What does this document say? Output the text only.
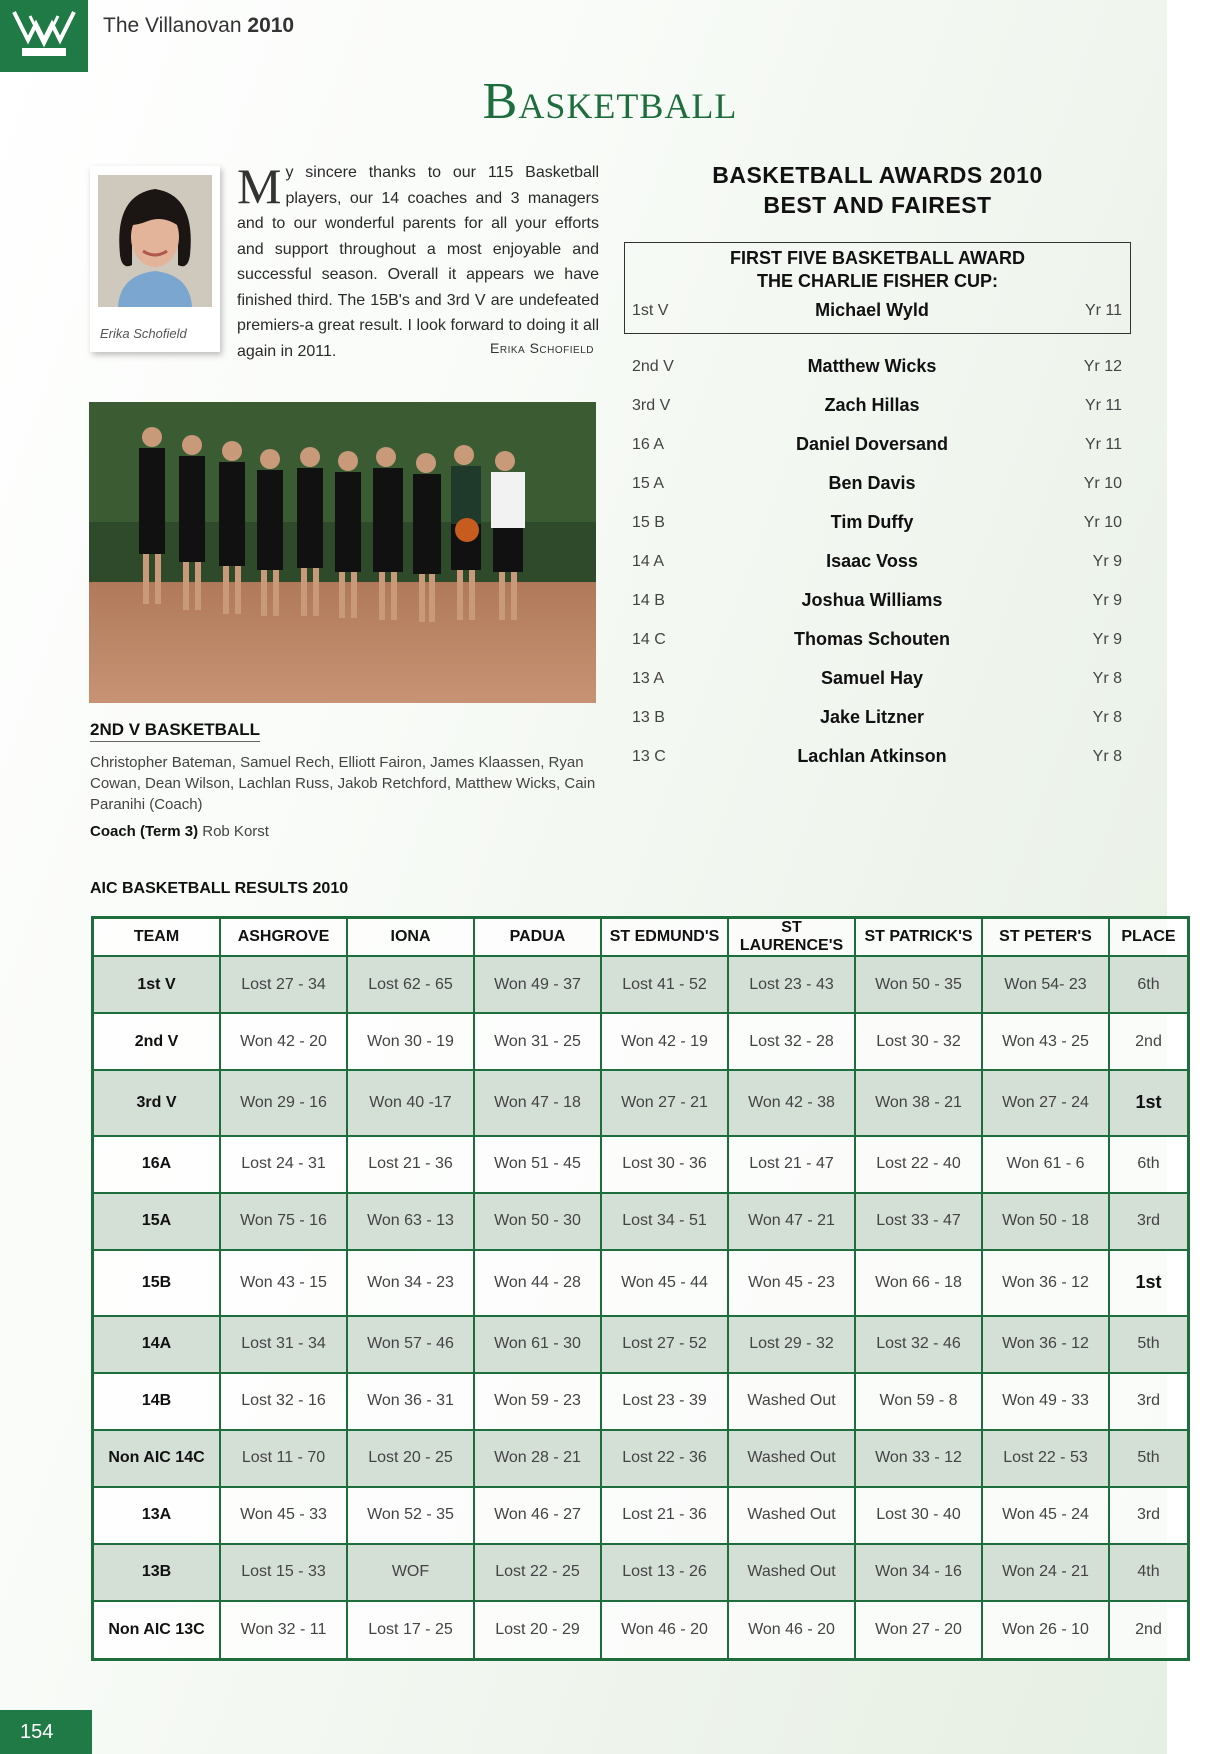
The Villanovan 2010
Basketball
Erika Schofield
M y sincere thanks to our 115 Basketball players, our 14 coaches and 3 managers and to our wonderful parents for all your efforts and support throughout a most enjoyable and successful season. Overall it appears we have finished third. The 15B's and 3rd V are undefeated premiers-a great result. I look forward to doing it all again in 2011.	Erika Schofield
2ND V BASKETBALL
Christopher Bateman, Samuel Rech, Elliott Fairon, James Klaassen, Ryan Cowan, Dean Wilson, Lachlan Russ, Jakob Retchford, Matthew Wicks, Cain Paranihi (Coach)
Coach (Term 3) Rob Korst
BASKETBALL AWARDS 2010
BEST AND FAIREST
FIRST FIVE BASKETBALL AWARD
THE CHARLIE FISHER CUP:
1st V	Michael Wyld	Yr 11
2nd V	Matthew Wicks	Yr 12
3rd V	Zach Hillas	Yr 11
16 A	Daniel Doversand	Yr 11
15 A	Ben Davis	Yr 10
15 B	Tim Duffy	Yr 10
14 A	Isaac Voss	Yr 9
14 B	Joshua Williams	Yr 9
14 C	Thomas Schouten	Yr 9
13 A	Samuel Hay	Yr 8
13 B	Jake Litzner	Yr 8
13 C	Lachlan Atkinson	Yr 8
AIC BASKETBALL RESULTS 2010
TEAM	ASHGROVE	IONA	PADUA	ST EDMUND'S	ST LAURENCE'S	ST PATRICK'S	ST PETER'S	PLACE
1st V	Lost 27 - 34	Lost 62 - 65	Won 49 - 37	Lost 41 - 52	Lost 23 - 43	Won 50 - 35	Won 54- 23	6th
2nd V	Won 42 - 20	Won 30 - 19	Won 31 - 25	Won 42 - 19	Lost 32 - 28	Lost 30 - 32	Won 43 - 25	2nd
3rd V	Won 29 - 16	Won 40 -17	Won 47 - 18	Won 27 - 21	Won 42 - 38	Won 38 - 21	Won 27 - 24	1st
16A	Lost 24 - 31	Lost 21 - 36	Won 51 - 45	Lost 30 - 36	Lost 21 - 47	Lost 22 - 40	Won 61 - 6	6th
15A	Won 75 - 16	Won 63 - 13	Won 50 - 30	Lost 34 - 51	Won 47 - 21	Lost 33 - 47	Won 50 - 18	3rd
15B	Won 43 - 15	Won 34 - 23	Won 44 - 28	Won 45 - 44	Won 45 - 23	Won 66 - 18	Won 36 - 12	1st
14A	Lost 31 - 34	Won 57 - 46	Won 61 - 30	Lost 27 - 52	Lost 29 - 32	Lost 32 - 46	Won 36 - 12	5th
14B	Lost 32 - 16	Won 36 - 31	Won 59 - 23	Lost 23 - 39	Washed Out	Won 59 - 8	Won 49 - 33	3rd
Non AIC 14C	Lost 11 - 70	Lost 20 - 25	Won 28 - 21	Lost 22 - 36	Washed Out	Won 33 - 12	Lost 22 - 53	5th
13A	Won 45 - 33	Won 52 - 35	Won 46 - 27	Lost 21 - 36	Washed Out	Lost 30 - 40	Won 45 - 24	3rd
13B	Lost 15 - 33	WOF	Lost 22 - 25	Lost 13 - 26	Washed Out	Won 34 - 16	Won 24 - 21	4th
Non AIC 13C	Won 32 - 11	Lost 17 - 25	Lost 20 - 29	Won 46 - 20	Won 46 - 20	Won 27 - 20	Won 26 - 10	2nd
154
